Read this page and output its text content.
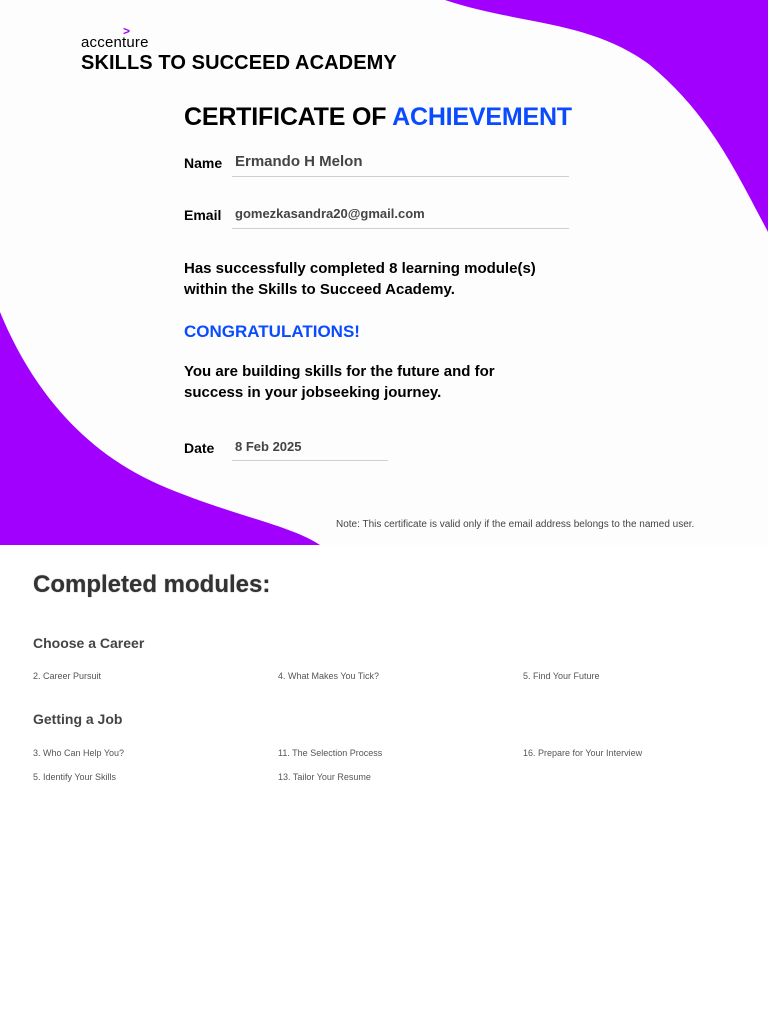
>
accenture
SKILLS TO SUCCEED ACADEMY
CERTIFICATE OF ACHIEVEMENT
Name Ermando H Melon
Email gomezkasandra20@gmail.com
Has successfully completed 8 learning module(s)
within the Skills to Succeed Academy.
CONGRATULATIONS!
You are building skills for the future and for
success in your jobseeking journey.
Date 8 Feb 2025
Note: This certificate is valid only if the email address belongs to the named user.
Completed modules:
Choose a Career
2. Career Pursuit	4. What Makes You Tick?	5. Find Your Future
Getting a Job
3. Who Can Help You?	11. The Selection Process	16. Prepare for Your Interview
5. Identify Your Skills	13. Tailor Your Resume
